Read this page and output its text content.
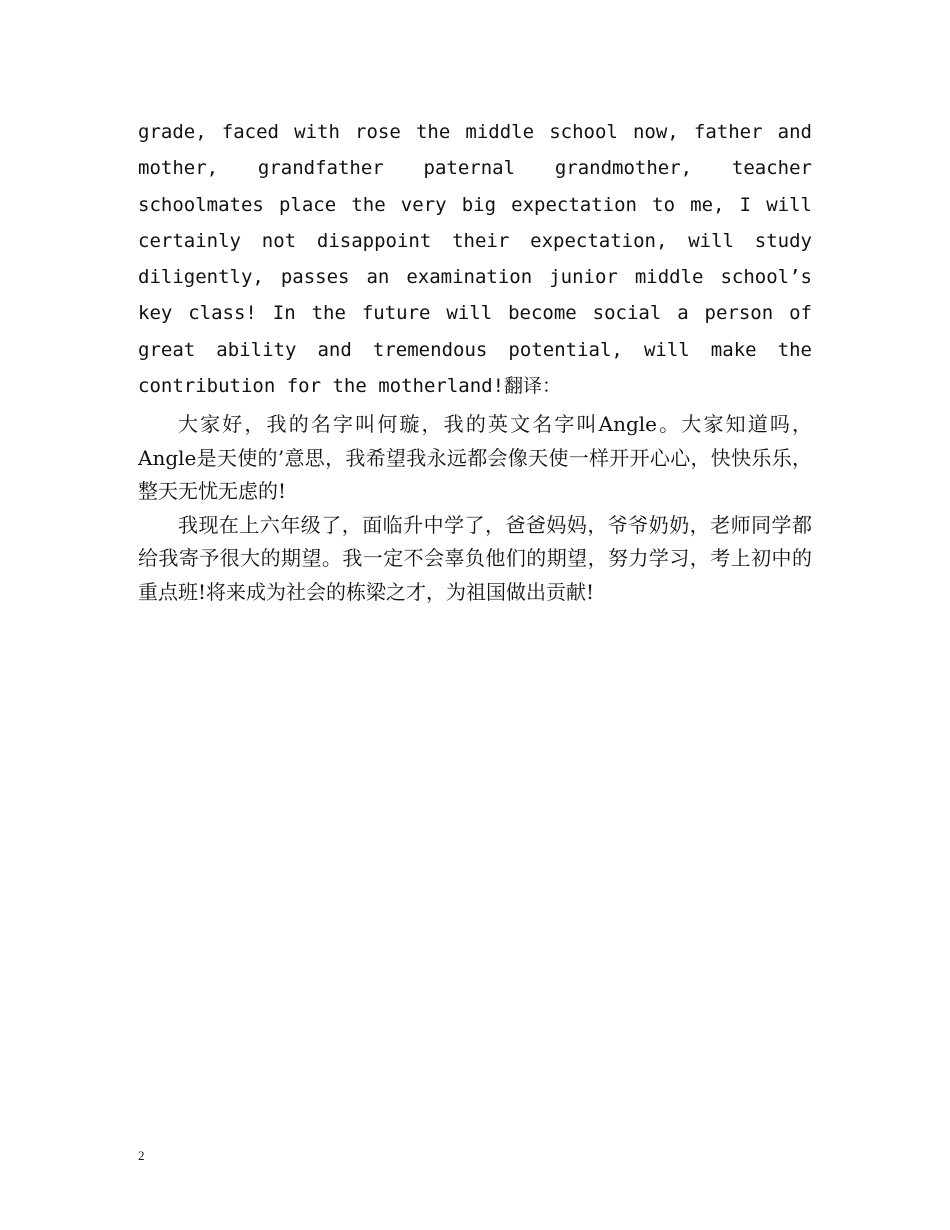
grade, faced with rose the middle school now, father and mother, grandfather paternal grandmother, teacher schoolmates place the very big expectation to me, I will certainly not disappoint their expectation, will study diligently, passes an examination junior middle school’s key class! In the future will become social a person of great ability and tremendous potential, will make the contribution for the motherland!翻译：

大家好，我的名字叫何璇，我的英文名字叫Angle。大家知道吗，Angle是天使的’意思，我希望我永远都会像天使一样开开心心，快快乐乐，整天无忧无虑的!

我现在上六年级了，面临升中学了，爸爸妈妈，爷爷奶奶，老师同学都给我寄予很大的期望。我一定不会辜负他们的期望，努力学习，考上初中的重点班!将来成为社会的栋梁之才，为祖国做出贡献!

2
